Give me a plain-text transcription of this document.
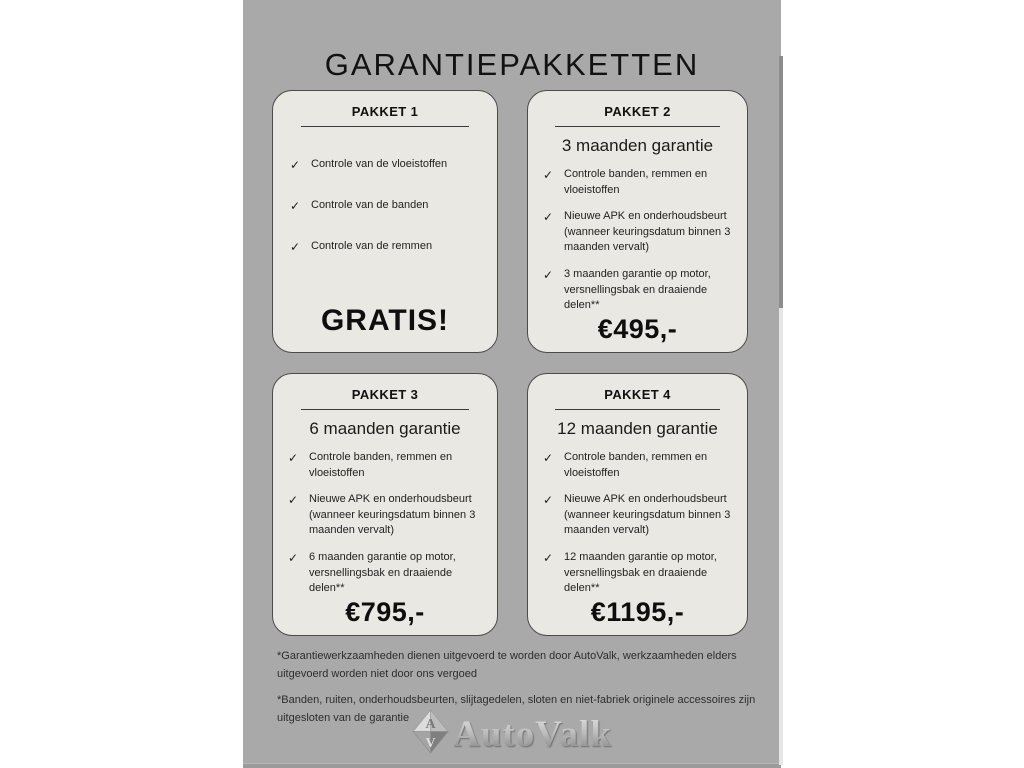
GARANTIEPAKKETTEN
PAKKET 1
✓ Controle van de vloeistoffen
✓ Controle van de banden
✓ Controle van de remmen
GRATIS!
PAKKET 2
3 maanden garantie
✓ Controle banden, remmen en vloeistoffen
✓ Nieuwe APK en onderhoudsbeurt (wanneer keuringsdatum binnen 3 maanden vervalt)
✓ 3 maanden garantie op motor, versnellingsbak en draaiende delen**
€495,-
PAKKET 3
6 maanden garantie
✓ Controle banden, remmen en vloeistoffen
✓ Nieuwe APK en onderhoudsbeurt (wanneer keuringsdatum binnen 3 maanden vervalt)
✓ 6 maanden garantie op motor, versnellingsbak en draaiende delen**
€795,-
PAKKET 4
12 maanden garantie
✓ Controle banden, remmen en vloeistoffen
✓ Nieuwe APK en onderhoudsbeurt (wanneer keuringsdatum binnen 3 maanden vervalt)
✓ 12 maanden garantie op motor, versnellingsbak en draaiende delen**
€1195,-

*Garantiewerkzaamheden dienen uitgevoerd te worden door AutoValk, werkzaamheden elders uitgevoerd worden niet door ons vergoed

*Banden, ruiten, onderhoudsbeurten, slijtagedelen, sloten en niet-fabriek originele accessoires zijn uitgesloten van de garantie	A
V AutoValk
